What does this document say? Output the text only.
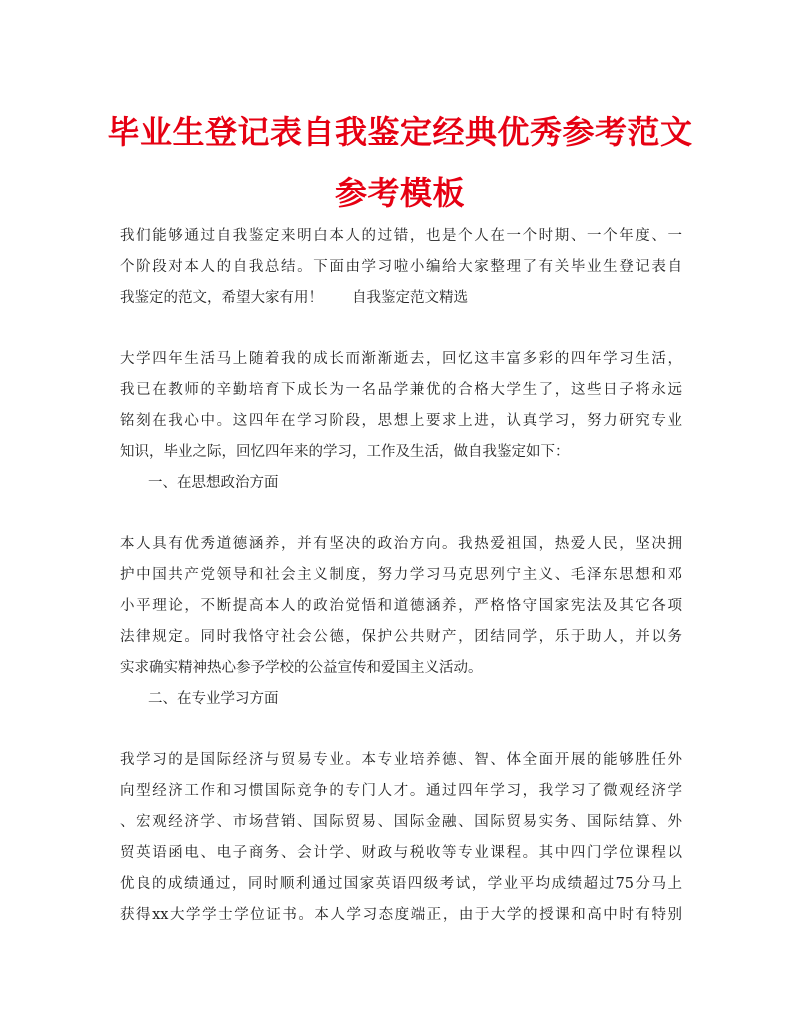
毕业生登记表自我鉴定经典优秀参考范文
参考模板
我们能够通过自我鉴定来明白本人的过错，也是个人在一个时期、一个年度、一
个阶段对本人的自我总结。下面由学习啦小编给大家整理了有关毕业生登记表自
我鉴定的范文，希望大家有用！　　自我鉴定范文精选
大学四年生活马上随着我的成长而渐渐逝去，回忆这丰富多彩的四年学习生活，
我已在教师的辛勤培育下成长为一名品学兼优的合格大学生了，这些日子将永远
铭刻在我心中。这四年在学习阶段，思想上要求上进，认真学习，努力研究专业
知识，毕业之际，回忆四年来的学习，工作及生活，做自我鉴定如下：
一、在思想政治方面
本人具有优秀道德涵养，并有坚决的政治方向。我热爱祖国，热爱人民，坚决拥
护中国共产党领导和社会主义制度，努力学习马克思列宁主义、毛泽东思想和邓
小平理论，不断提高本人的政治觉悟和道德涵养，严格恪守国家宪法及其它各项
法律规定。同时我恪守社会公德，保护公共财产，团结同学，乐于助人，并以务
实求确实精神热心参予学校的公益宣传和爱国主义活动。
二、在专业学习方面
我学习的是国际经济与贸易专业。本专业培养德、智、体全面开展的能够胜任外
向型经济工作和习惯国际竞争的专门人才。通过四年学习，我学习了微观经济学
、宏观经济学、市场营销、国际贸易、国际金融、国际贸易实务、国际结算、外
贸英语函电、电子商务、会计学、财政与税收等专业课程。其中四门学位课程以
优良的成绩通过，同时顺利通过国家英语四级考试，学业平均成绩超过75分马上
获得xx大学学士学位证书。本人学习态度端正，由于大学的授课和高中时有特别
